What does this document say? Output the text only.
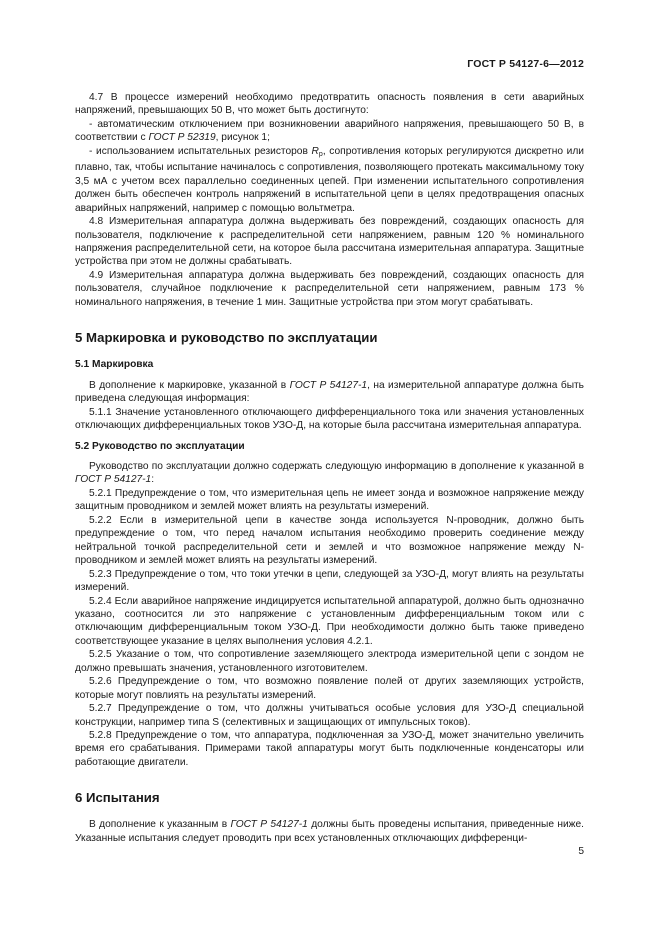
ГОСТ Р 54127-6—2012

4.7 В процессе измерений необходимо предотвратить опасность появления в сети аварийных напряжений, превышающих 50 В, что может быть достигнуто:

- автоматическим отключением при возникновении аварийного напряжения, превышающего 50 В, в соответствии с ГОСТ Р 52319, рисунок 1;

- использованием испытательных резисторов $R_p$, сопротивления которых регулируются дискретно или плавно, так, чтобы испытание начиналось с сопротивления, позволяющего протекать максимальному току 3,5 мА с учетом всех параллельно соединенных цепей. При изменении испытательного сопротивления должен быть обеспечен контроль напряжений в испытательной цепи в целях предотвращения опасных аварийных напряжений, например с помощью вольтметра.

4.8 Измерительная аппаратура должна выдерживать без повреждений, создающих опасность для пользователя, подключение к распределительной сети напряжением, равным 120 % номинального напряжения распределительной сети, на которое была рассчитана измерительная аппаратура. Защитные устройства при этом не должны срабатывать.

4.9 Измерительная аппаратура должна выдерживать без повреждений, создающих опасность для пользователя, случайное подключение к распределительной сети напряжением, равным 173 % номинального напряжения, в течение 1 мин. Защитные устройства при этом могут срабатывать.

5 Маркировка и руководство по эксплуатации
5.1 Маркировка

В дополнение к маркировке, указанной в ГОСТ Р 54127-1, на измерительной аппаратуре должна быть приведена следующая информация:

5.1.1 Значение установленного отключающего дифференциального тока или значения установленных отключающих дифференциальных токов УЗО-Д, на которые была рассчитана измерительная аппаратура.

5.2 Руководство по эксплуатации

Руководство по эксплуатации должно содержать следующую информацию в дополнение к указанной в ГОСТ Р 54127-1:

5.2.1 Предупреждение о том, что измерительная цепь не имеет зонда и возможное напряжение между защитным проводником и землей может влиять на результаты измерений.

5.2.2 Если в измерительной цепи в качестве зонда используется N-проводник, должно быть предупреждение о том, что перед началом испытания необходимо проверить соединение между нейтральной точкой распределительной сети и землей и что возможное напряжение между N-проводником и землей может влиять на результаты измерений.

5.2.3 Предупреждение о том, что токи утечки в цепи, следующей за УЗО-Д, могут влиять на результаты измерений.

5.2.4 Если аварийное напряжение индицируется испытательной аппаратурой, должно быть однозначно указано, соотносится ли это напряжение с установленным дифференциальным током или с отключающим дифференциальным током УЗО-Д. При необходимости должно быть также приведено соответствующее указание в целях выполнения условия 4.2.1.

5.2.5 Указание о том, что сопротивление заземляющего электрода измерительной цепи с зондом не должно превышать значения, установленного изготовителем.

5.2.6 Предупреждение о том, что возможно появление полей от других заземляющих устройств, которые могут повлиять на результаты измерений.

5.2.7 Предупреждение о том, что должны учитываться особые условия для УЗО-Д специальной конструкции, например типа S (селективных и защищающих от импульсных токов).

5.2.8 Предупреждение о том, что аппаратура, подключенная за УЗО-Д, может значительно увеличить время его срабатывания. Примерами такой аппаратуры могут быть подключенные конденсаторы или работающие двигатели.

6 Испытания

В дополнение к указанным в ГОСТ Р 54127-1 должны быть проведены испытания, приведенные ниже. Указанные испытания следует проводить при всех установленных отключающих дифференци-

5
